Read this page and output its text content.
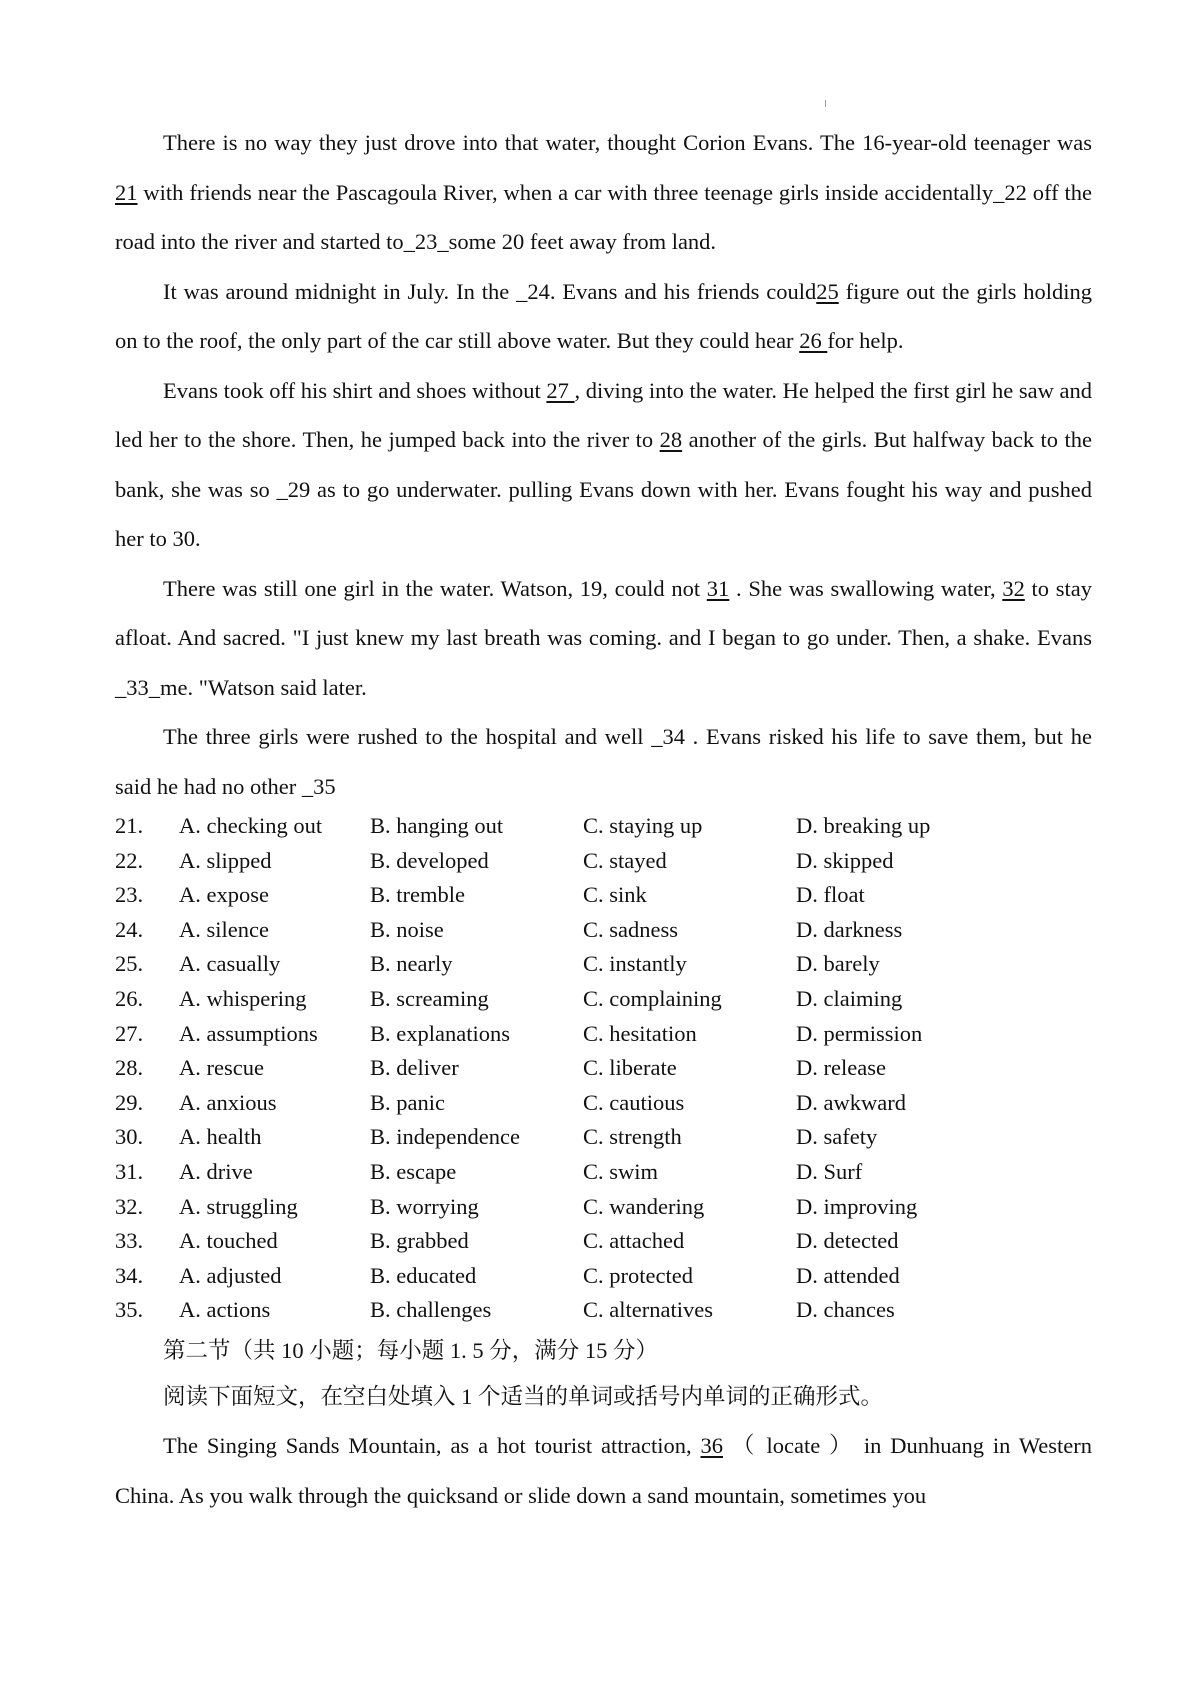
There is no way they just drove into that water, thought Corion Evans. The 16-year-old teenager was 21 with friends near the Pascagoula River, when a car with three teenage girls inside accidentally_22 off the road into the river and started to_23_some 20 feet away from land.

It was around midnight in July. In the _24. Evans and his friends could25 figure out the girls holding on to the roof, the only part of the car still above water. But they could hear 26 for help.

Evans took off his shirt and shoes without 27 , diving into the water. He helped the first girl he saw and led her to the shore. Then, he jumped back into the river to 28 another of the girls. But halfway back to the bank, she was so _29 as to go underwater. pulling Evans down with her. Evans fought his way and pushed her to 30.

There was still one girl in the water. Watson, 19, could not 31 . She was swallowing water, 32 to stay afloat. And sacred. "I just knew my last breath was coming. and I began to go under. Then, a shake. Evans _33_me. "Watson said later.

The three girls were rushed to the hospital and well _34 . Evans risked his life to save them, but he said he had no other _35

21. A. checking out B. hanging out	C. staying up	D. breaking up
22. A. slipped	B. developed	C. stayed	D. skipped
23. A. expose	B. tremble	C. sink	D. float
24. A. silence	B. noise	C. sadness	D. darkness
25. A. casually	B. nearly	C. instantly	D. barely
26. A. whispering	B. screaming	C. complaining	D. claiming
27. A. assumptions B. explanations	C. hesitation	D. permission
28. A. rescue	B. deliver	C. liberate	D. release
29. A. anxious	B. panic	C. cautious	D. awkward
30. A. health	B. independence	C. strength	D. safety
31. A. drive	B. escape	C. swim	D. Surf
32. A. struggling	B. worrying	C. wandering	D. improving
33. A. touched	B. grabbed	C. attached	D. detected
34. A. adjusted	B. educated	C. protected	D. attended
35. A. actions	B. challenges	C. alternatives	D. chances

第二节（共 10 小题；每小题 1. 5 分，满分 15 分）

阅读下面短文，在空白处填入 1 个适当的单词或括号内单词的正确形式。

The Singing Sands Mountain, as a hot tourist attraction, 36 （ locate ） in Dunhuang in Western China. As you walk through the quicksand or slide down a sand mountain, sometimes you
